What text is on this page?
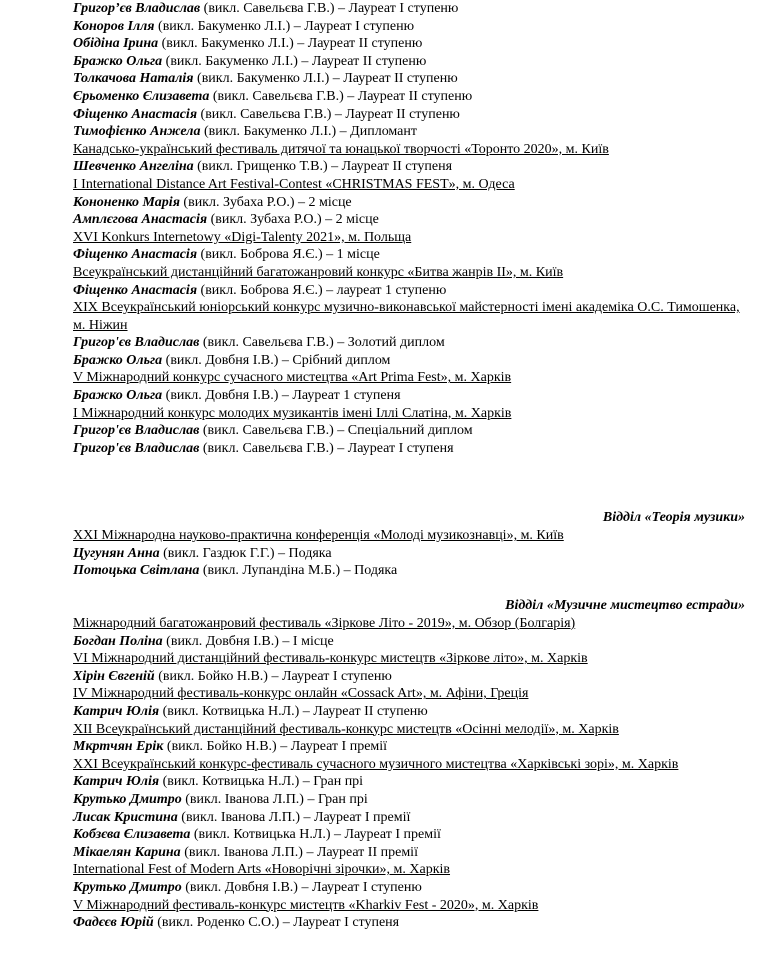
Григор’єв Владислав (викл. Савельєва Г.В.) – Лауреат І ступеню
Коноров Ілля (викл. Бакуменко Л.І.) – Лауреат І ступеню
Обідіна Ірина (викл. Бакуменко Л.І.) – Лауреат ІІ ступеню
Бражко Ольга (викл. Бакуменко Л.І.) – Лауреат ІІ ступеню
Толкачова Наталія (викл. Бакуменко Л.І.) – Лауреат ІІ ступеню
Єрьоменко Єлизавета (викл. Савельєва Г.В.) – Лауреат ІІ ступеню
Фіщенко Анастасія (викл. Савельєва Г.В.) – Лауреат ІІ ступеню
Тимофієнко Анжела (викл. Бакуменко Л.І.) – Дипломант
Канадсько-український фестиваль дитячої та юнацької творчості «Торонто 2020», м. Київ
Шевченко Ангеліна (викл. Грищенко Т.В.) – Лауреат ІІ ступеня
І International Distance Art Festival-Contest «CHRISTMAS FEST», м. Одеса
Кононенко Марія (викл. Зубаха Р.О.) – 2 місце
Амплєгова Анастасія (викл. Зубаха Р.О.) – 2 місце
XVI Konkurs Internetowy «Digi-Talenty 2021», м. Польща
Фіщенко Анастасія (викл. Боброва Я.Є.) – 1 місце
Всеукраїнський дистанційний багатожанровий конкурс «Битва жанрів ІІ», м. Київ
Фіщенко Анастасія (викл. Боброва Я.Є.) – лауреат 1 ступеню
XIX Всеукраїнський юніорський конкурс музично-виконавської майстерності імені академіка О.С. Тимошенка, м. Ніжин
Григор'єв Владислав (викл. Савельєва Г.В.) – Золотий диплом
Бражко Ольга (викл. Довбня І.В.) – Срібний диплом
V Міжнародний конкурс сучасного мистецтва «Art Prima Fest», м. Харків
Бражко Ольга (викл. Довбня І.В.) – Лауреат 1 ступеня
І Міжнародний конкурс молодих музикантів імені Іллі Слатіна, м. Харків
Григор'єв Владислав (викл. Савельєва Г.В.) – Спеціальний диплом
Григор'єв Владислав (викл. Савельєва Г.В.) – Лауреат І ступеня
Відділ «Теорія музики»
ХХІ Міжнародна науково-практична конференція «Молоді музикознавці», м. Київ
Цугунян Анна (викл. Газдюк Г.Г.) – Подяка
Потоцька Світлана (викл. Лупандіна М.Б.) – Подяка
Відділ «Музичне мистецтво естради»
Міжнародний багатожанровий фестиваль «Зіркове Літо - 2019», м. Обзор (Болгарія)
Богдан Поліна (викл. Довбня І.В.) – І місце
VI Міжнародний дистанційний фестиваль-конкурс мистецтв «Зіркове літо», м. Харків
Хірін Євгеній (викл. Бойко Н.В.) – Лауреат І ступеню
IV Міжнародний фестиваль-конкурс онлайн «Cossack Art», м. Афіни, Греція
Катрич Юлія (викл. Котвицька Н.Л.) – Лауреат ІІ ступеню
ХІІ Всеукраїнський дистанційний фестиваль-конкурс мистецтв «Осінні мелодії», м. Харків
Мкртчян Ерік (викл. Бойко Н.В.) – Лауреат І премії
ХХІ Всеукраїнський конкурс-фестиваль сучасного музичного мистецтва «Харківські зорі», м. Харків
Катрич Юлія (викл. Котвицька Н.Л.) – Гран прі
Крутько Дмитро (викл. Іванова Л.П.) – Гран прі
Лисак Кристина (викл. Іванова Л.П.) – Лауреат І премії
Кобзєва Єлизавета (викл. Котвицька Н.Л.) – Лауреат І премії
Мікаелян Карина (викл. Іванова Л.П.) – Лауреат ІІ премії
International Fest of Modern Arts «Новорічні зірочки», м. Харків
Крутько Дмитро (викл. Довбня І.В.) – Лауреат І ступеню
V Міжнародний фестиваль-конкурс мистецтв «Kharkiv Fest - 2020», м. Харків
Фадєєв Юрій (викл. Роденко С.О.) – Лауреат І ступеня
